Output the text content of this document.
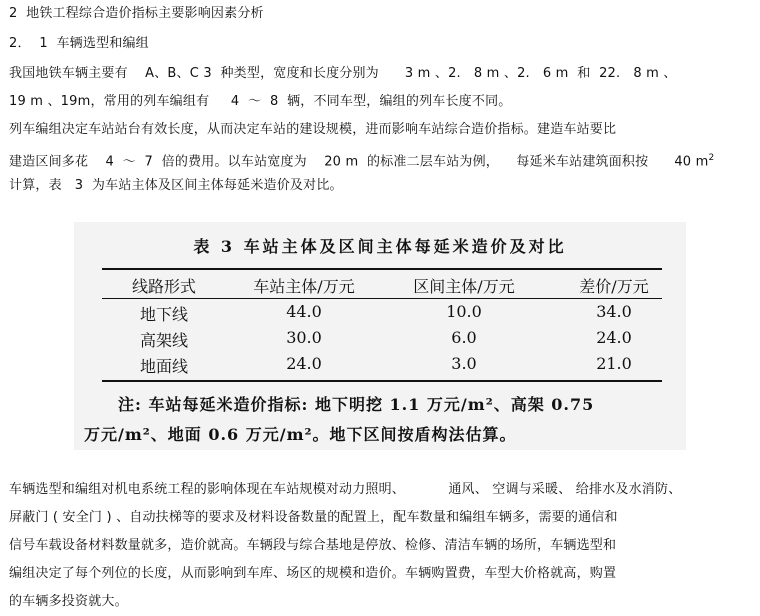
2  地铁工程综合造价指标主要影响因素分析
2．  1  车辆选型和编组
我国地铁车辆主要有    A、B、C 3  种类型，宽度和长度分别为      3 m 、2.   8 m 、2.   6 m  和  22.   8 m 、
19 m 、19m，常用的列车编组有     4  ～  8  辆，不同车型，编组的列车长度不同。
列车编组决定车站站台有效长度，从而决定车站的建设规模，进而影响车站综合造价指标。建造车站要比
建造区间多花    4  ～  7  倍的费用。以车站宽度为    20 m  的标准二层车站为例，    每延米车站建筑面积按      40 $m^2$
计算，表   3  为车站主体及区间主体每延米造价及对比。
表 3 车站主体及区间主体每延米造价及对比
线路形式	车站主体/万元	区间主体/万元	差价/万元
地下线	44.0	10.0	34.0
高架线	30.0	6.0	24.0
地面线	24.0	3.0	21.0
注: 车站每延米造价指标: 地下明挖 1.1 万元/m²、高架 0.75
万元/m²、地面 0.6 万元/m²。地下区间按盾构法估算。
车辆选型和编组对机电系统工程的影响体现在车站规模对动力照明、          通风、 空调与采暖、 给排水及水消防、
屏蔽门 ( 安全门 ) 、自动扶梯等的要求及材料设备数量的配置上，配车数量和编组车辆多，需要的通信和
信号车载设备材料数量就多，造价就高。车辆段与综合基地是停放、检修、清洁车辆的场所，车辆选型和
编组决定了每个列位的长度，从而影响到车库、场区的规模和造价。车辆购置费，车型大价格就高，购置
的车辆多投资就大。
